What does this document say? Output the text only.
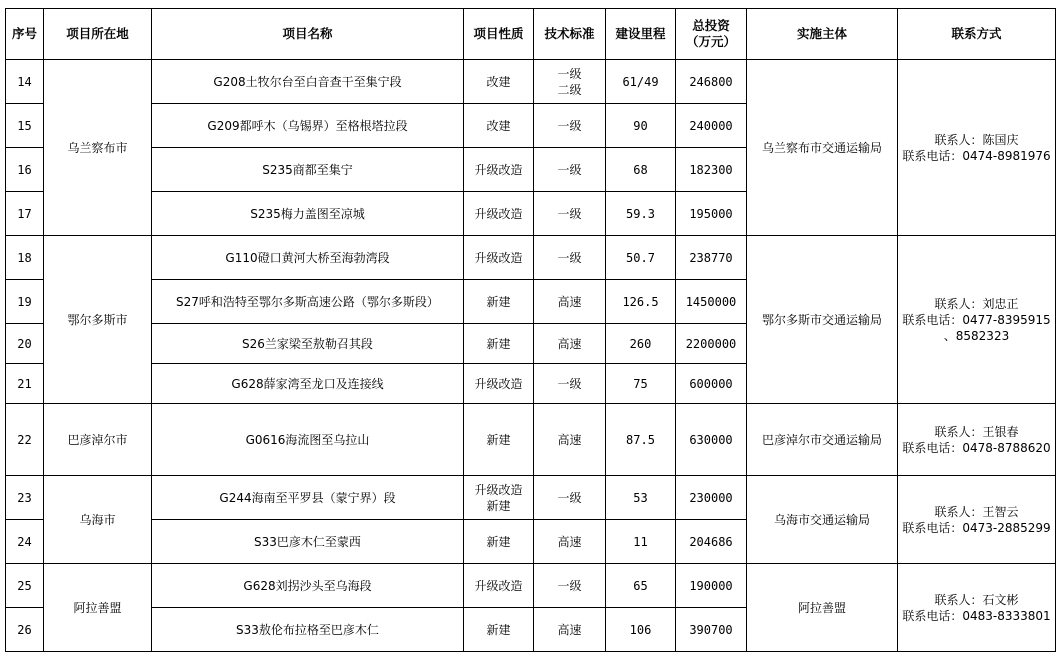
序号	项目所在地	项目名称	项目性质	技术标准	建设里程	总投资
（万元）	实施主体	联系方式
14	乌兰察布市	G208土牧尔台至白音查干至集宁段	改建	一级
二级	61/49	246800	乌兰察布市交通运输局	联系人：陈国庆
联系电话：0474-8981976

15		G209都呼木（乌锡界）至格根塔拉段	改建	一级	90	240000		
16		S235商都至集宁	升级改造	一级	68	182300		
17		S235梅力盖图至凉城	升级改造	一级	59.3	195000		
18	鄂尔多斯市	G110磴口黄河大桥至海勃湾段	升级改造	一级	50.7	238770	鄂尔多斯市交通运输局	联系人：刘忠正
联系电话：0477-8395915
、8582323

19		S27呼和浩特至鄂尔多斯高速公路（鄂尔多斯段）	新建	高速	126.5	1450000		
20		S26兰家梁至敖勒召其段	新建	高速	260	2200000		
21		G628薛家湾至龙口及连接线	升级改造	一级	75	600000		
22	巴彦淖尔市	G0616海流图至乌拉山	新建	高速	87.5	630000	巴彦淖尔市交通运输局	联系人：王银春
联系电话：0478-8788620

23	乌海市	G244海南至平罗县（蒙宁界）段	升级改造
新建	一级	53	230000	乌海市交通运输局	联系人：王智云
联系电话：0473-2885299

24		S33巴彦木仁至蒙西	新建	高速	11	204686		
25	阿拉善盟	G628刘拐沙头至乌海段	升级改造	一级	65	190000	阿拉善盟	联系人：石文彬
联系电话：0483-8333801

26		S33敖伦布拉格至巴彦木仁	新建	高速	106	390700		
